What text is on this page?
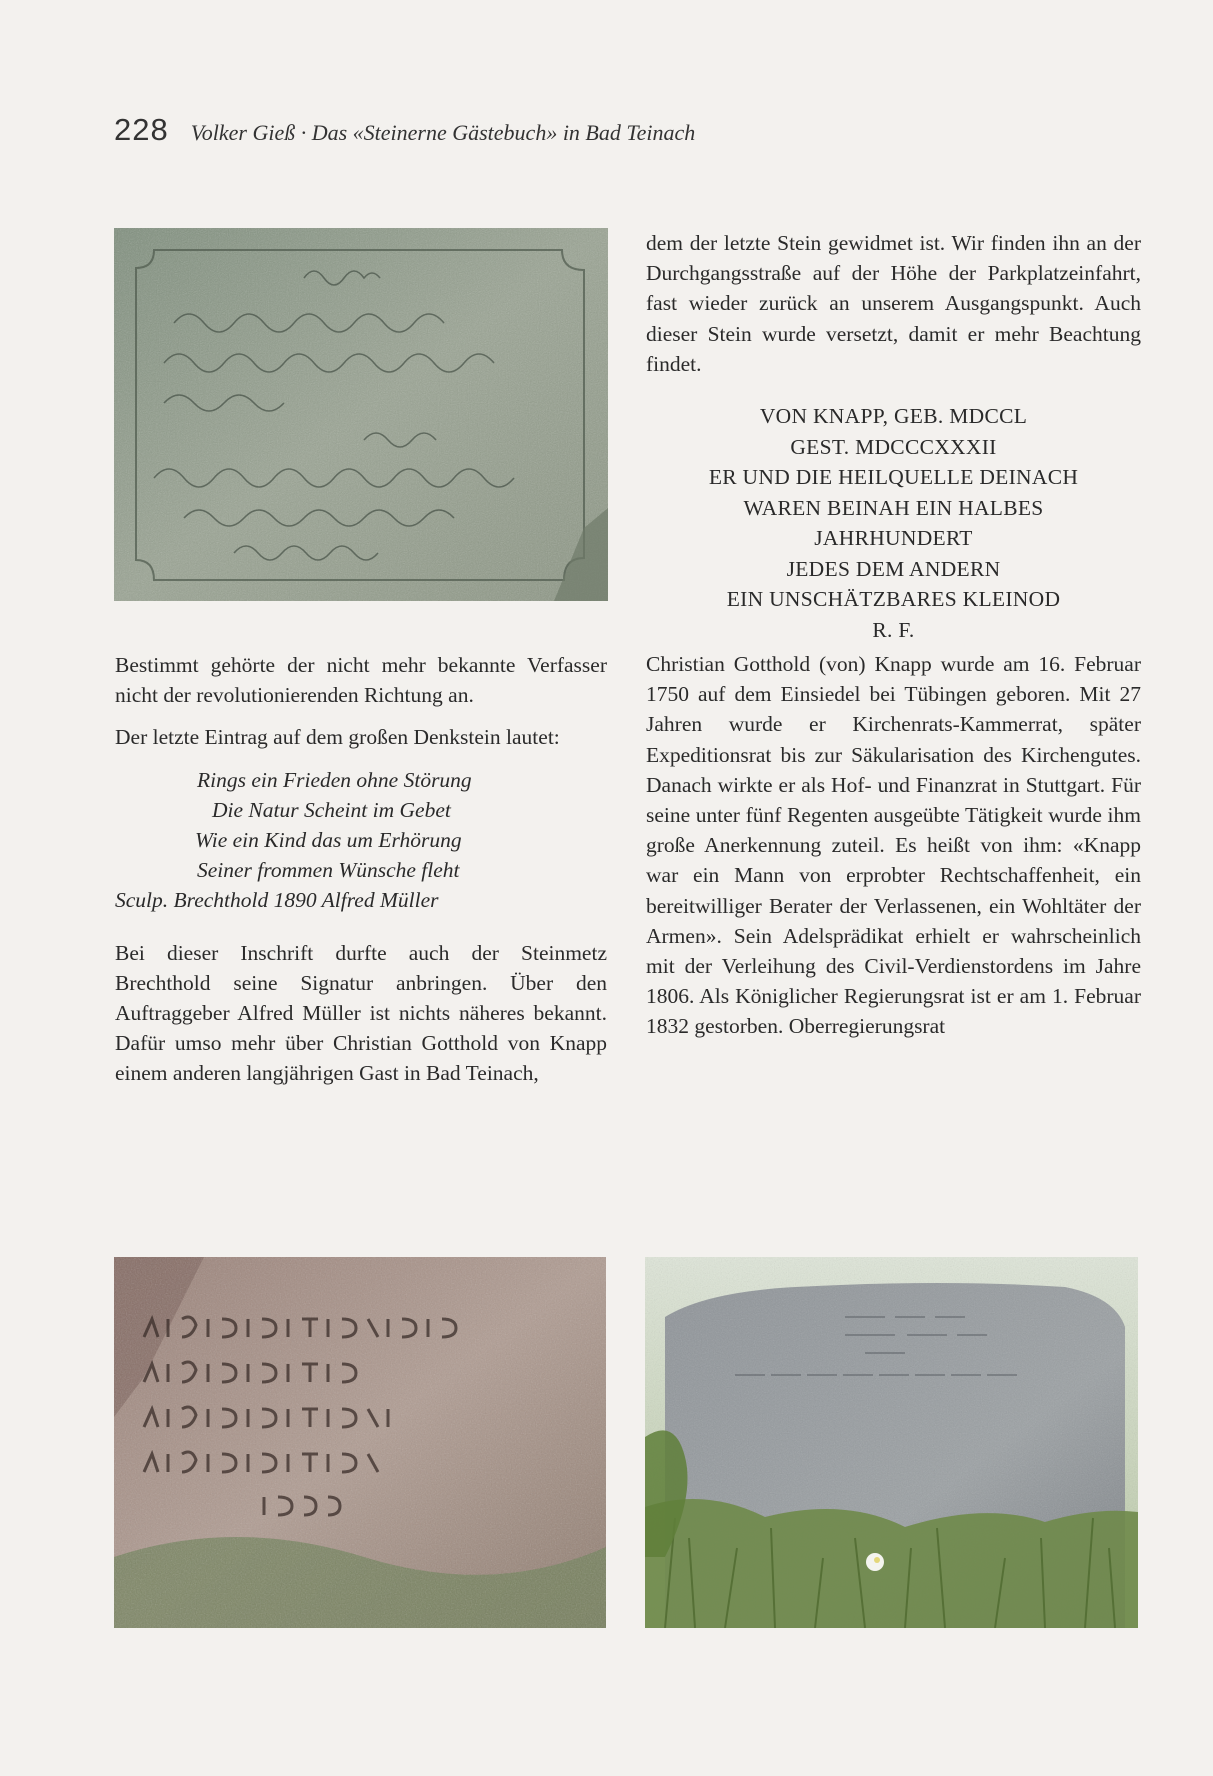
228 Volker Gieß · Das «Steinerne Gästebuch» in Bad Teinach

Bestimmt gehörte der nicht mehr bekannte Verfasser nicht der revolutionierenden Richtung an.

Der letzte Eintrag auf dem großen Denkstein lautet:

Rings ein Frieden ohne Störung
Die Natur Scheint im Gebet
Wie ein Kind das um Erhörung
Seiner frommen Wünsche fleht
Sculp. Brechthold 1890 Alfred Müller

Bei dieser Inschrift durfte auch der Steinmetz Brechthold seine Signatur anbringen. Über den Auftraggeber Alfred Müller ist nichts näheres bekannt. Dafür umso mehr über Christian Gotthold von Knapp einem anderen langjährigen Gast in Bad Teinach,

dem der letzte Stein gewidmet ist. Wir finden ihn an der Durchgangsstraße auf der Höhe der Parkplatzeinfahrt, fast wieder zurück an unserem Ausgangspunkt. Auch dieser Stein wurde versetzt, damit er mehr Beachtung findet.

VON KNAPP, GEB. MDCCL
GEST. MDCCCXXXII
ER UND DIE HEILQUELLE DEINACH
WAREN BEINAH EIN HALBES
JAHRHUNDERT
JEDES DEM ANDERN
EIN UNSCHÄTZBARES KLEINOD
R. F.

Christian Gotthold (von) Knapp wurde am 16. Februar 1750 auf dem Einsiedel bei Tübingen geboren. Mit 27 Jahren wurde er Kirchenrats-Kammerrat, später Expeditionsrat bis zur Säkularisation des Kirchengutes. Danach wirkte er als Hof- und Finanzrat in Stuttgart. Für seine unter fünf Regenten ausgeübte Tätigkeit wurde ihm große Anerkennung zuteil. Es heißt von ihm: «Knapp war ein Mann von erprobter Rechtschaffenheit, ein bereitwilliger Berater der Verlassenen, ein Wohltäter der Armen». Sein Adelsprädikat erhielt er wahrscheinlich mit der Verleihung des Civil-Verdienstordens im Jahre 1806. Als Königlicher Regierungsrat ist er am 1. Februar 1832 gestorben. Oberregierungsrat
